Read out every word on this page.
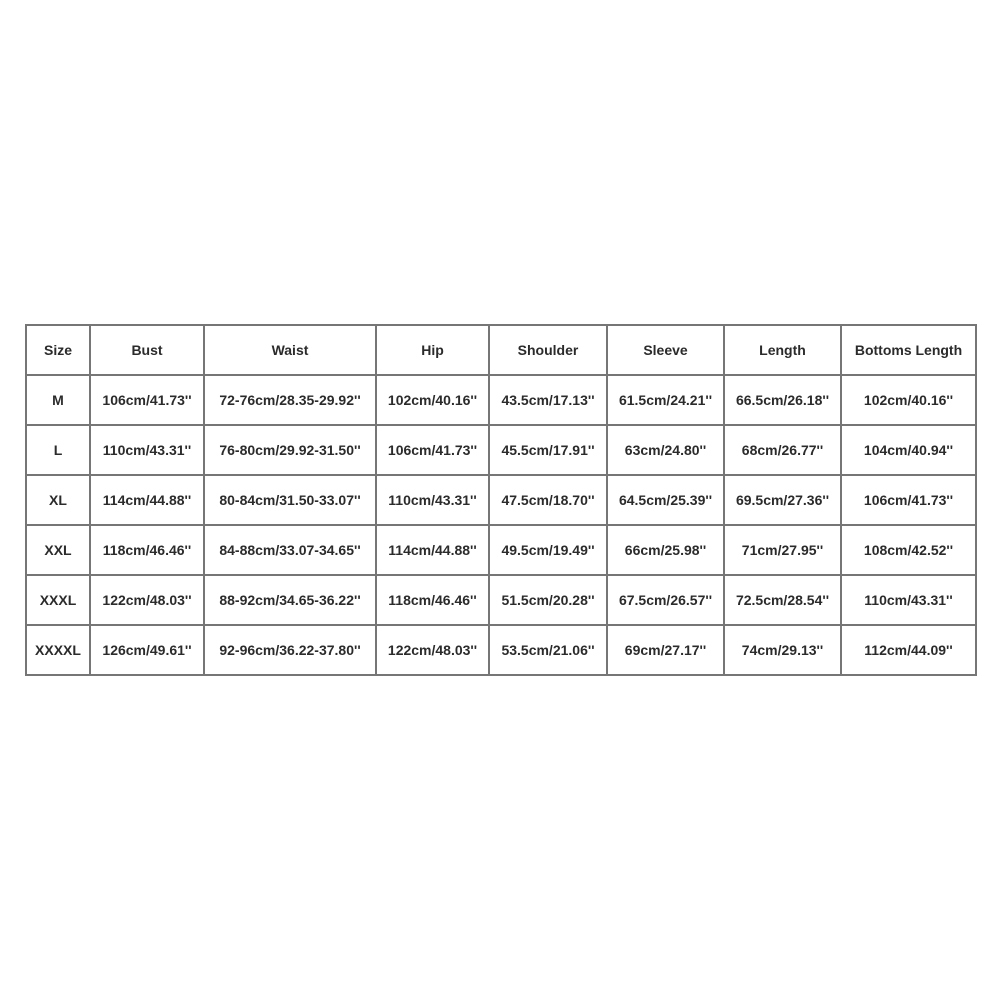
Size	Bust	Waist	Hip	Shoulder	Sleeve	Length	Bottoms Length
M	106cm/41.73''	72-76cm/28.35-29.92''	102cm/40.16''	43.5cm/17.13''	61.5cm/24.21''	66.5cm/26.18''	102cm/40.16''
L	110cm/43.31''	76-80cm/29.92-31.50''	106cm/41.73''	45.5cm/17.91''	63cm/24.80''	68cm/26.77''	104cm/40.94''
XL	114cm/44.88''	80-84cm/31.50-33.07''	110cm/43.31''	47.5cm/18.70''	64.5cm/25.39''	69.5cm/27.36''	106cm/41.73''
XXL	118cm/46.46''	84-88cm/33.07-34.65''	114cm/44.88''	49.5cm/19.49''	66cm/25.98''	71cm/27.95''	108cm/42.52''
XXXL	122cm/48.03''	88-92cm/34.65-36.22''	118cm/46.46''	51.5cm/20.28''	67.5cm/26.57''	72.5cm/28.54''	110cm/43.31''
XXXXL	126cm/49.61''	92-96cm/36.22-37.80''	122cm/48.03''	53.5cm/21.06''	69cm/27.17''	74cm/29.13''	112cm/44.09''
